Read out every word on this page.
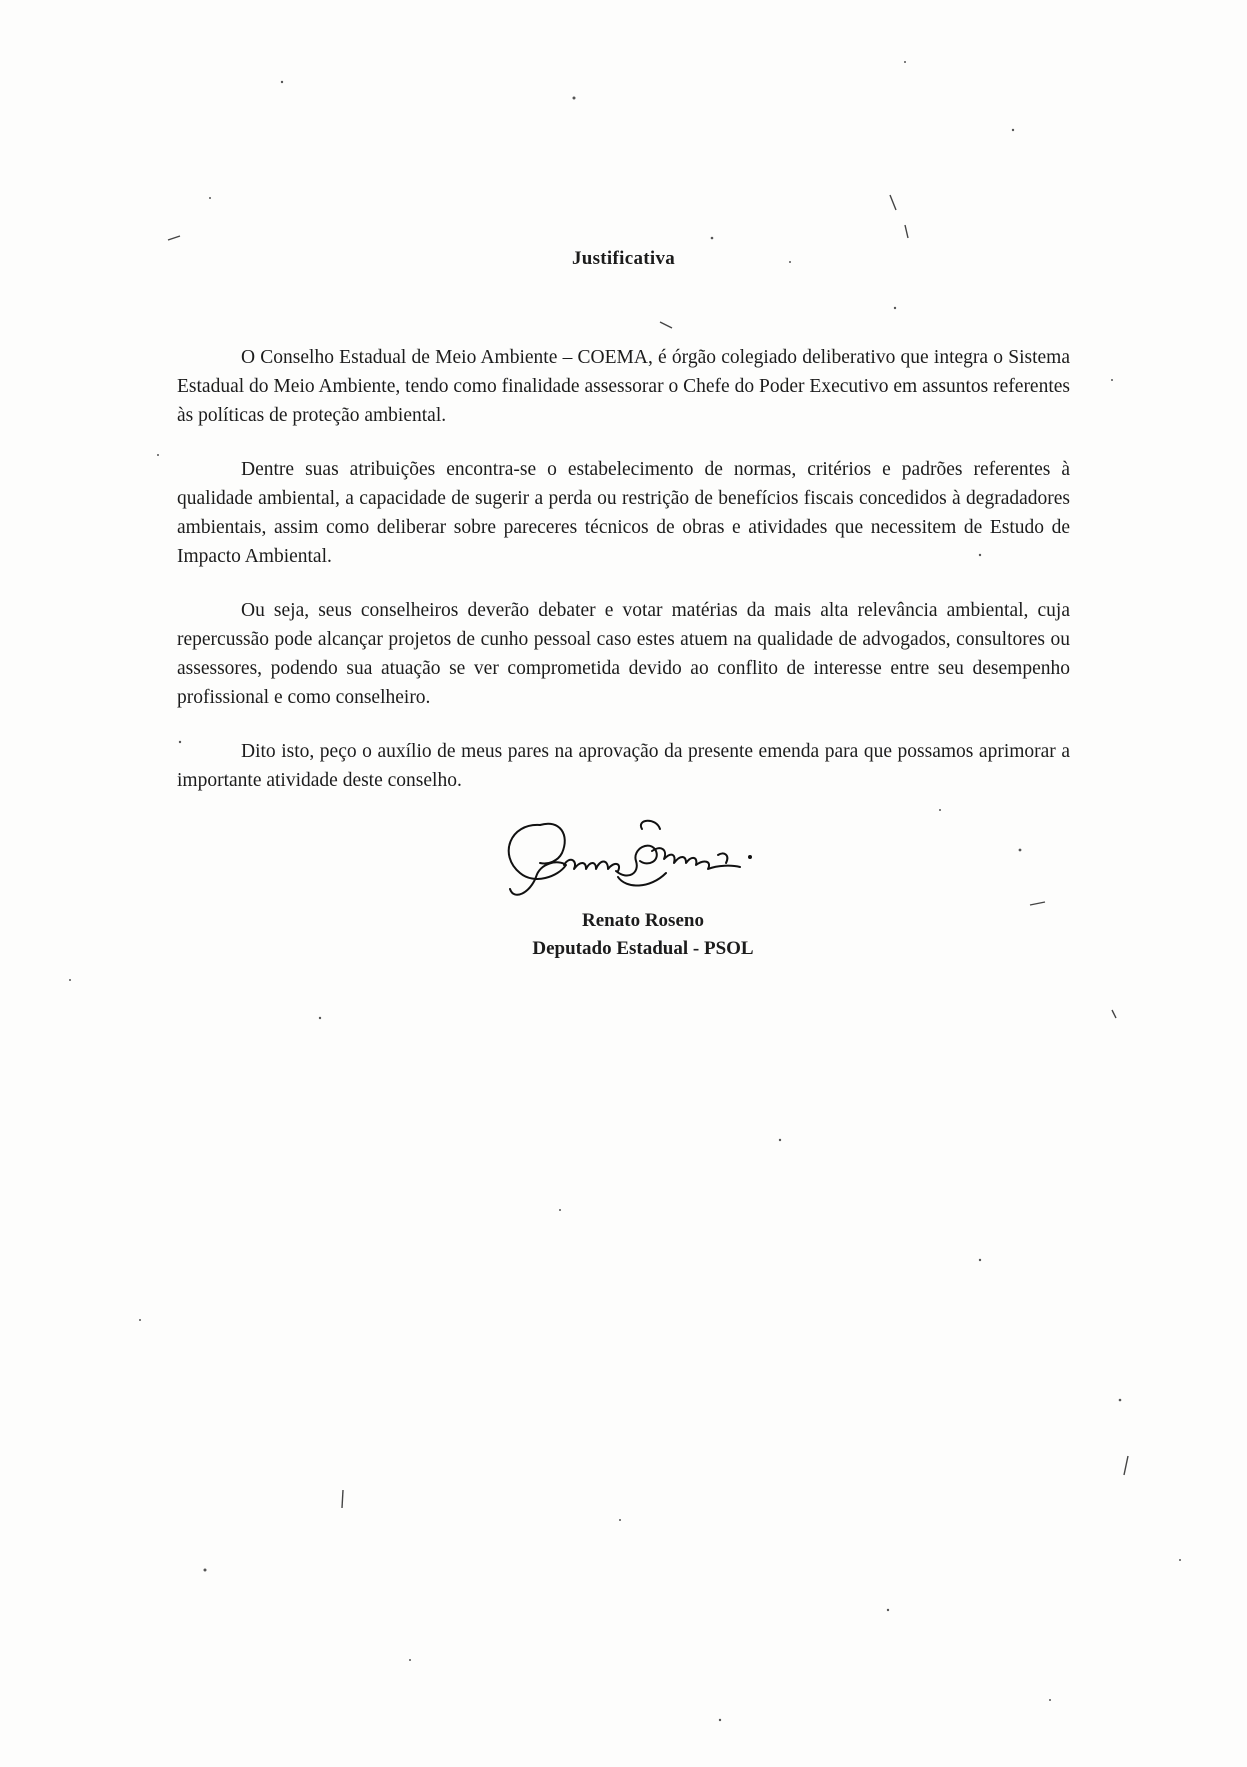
Justificativa

O Conselho Estadual de Meio Ambiente – COEMA, é órgão colegiado deliberativo que integra o Sistema Estadual do Meio Ambiente, tendo como finalidade assessorar o Chefe do Poder Executivo em assuntos referentes às políticas de proteção ambiental.

Dentre suas atribuições encontra-se o estabelecimento de normas, critérios e padrões referentes à qualidade ambiental, a capacidade de sugerir a perda ou restrição de benefícios fiscais concedidos à degradadores ambientais, assim como deliberar sobre pareceres técnicos de obras e atividades que necessitem de Estudo de Impacto Ambiental.

Ou seja, seus conselheiros deverão debater e votar matérias da mais alta relevância ambiental, cuja repercussão pode alcançar projetos de cunho pessoal caso estes atuem na qualidade de advogados, consultores ou assessores, podendo sua atuação se ver comprometida devido ao conflito de interesse entre seu desempenho profissional e como conselheiro.

Dito isto, peço o auxílio de meus pares na aprovação da presente emenda para que possamos aprimorar a importante atividade deste conselho.

Renato Roseno
Deputado Estadual - PSOL
